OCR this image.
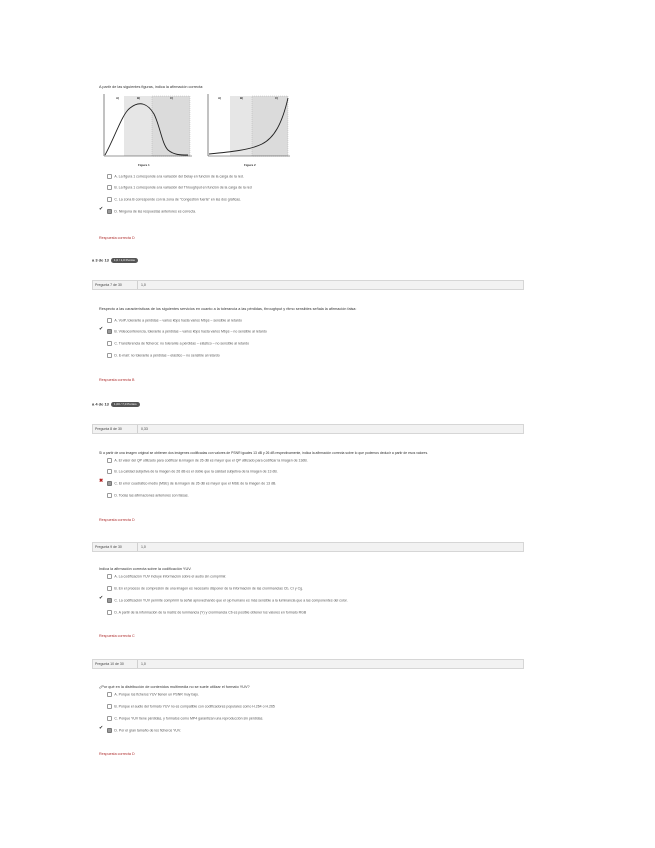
A partir de las siguientes figuras, indica la afirmación correcta:
A)	B)	C)	A)	B)	C)
Figura 1	Figura 2
A. La figura 1 corresponde a la variación del Delay en función de la carga de la red.
B. La figura 1 corresponde a la variación del Throughput en función de la carga de la red
C. La zona B corresponde con la zona de "Congestión fuerte" en las dos gráficas.
✔	D. Ninguna de las respuestas anteriores es correcta.
Respuesta correcta D
a 3 de 13 1,0 / 1,0 Puntos
Pregunta 7 de 30	1,0
Respecto a las características de los siguientes servicios en cuanto a la tolerancia a las pérdidas, throughput y ritmo sensibles señala la afirmación falsa:
A. VoIP, tolerante a pérdidas – varios kbps hasta varios Mbps – sensible al retardo
✔	B. Videoconferencia, tolerante a pérdidas – varios kbps hasta varios Mbps – no sensible al retardo
C. Transferencia de ficheros: no tolerante a pérdidas – elástico – no sensible al retardo
D. E-mail: no tolerante a pérdidas – elástico – no sensible al retardo
Respuesta correcta B
a 4 de 13 1,00 / 7,0 Puntos
Pregunta 8 de 30	0,33
Si a partir de una imagen original se obtienen dos imágenes codificadas con valores de PSNR iguales 13 dB y 26 dB respectivamente, indica la afirmación correcta sobre lo que podemos deducir a partir de esos valores.
A. El valor del QP utilizado para codificar la imagen de 26 dB es mayor que el QP utilizado para codificar la imagen de 13dB.
B. La calidad subjetiva de la imagen de 26 dB es el doble que la calidad subjetiva de la imagen de 13 dB.
✖	C. El error cuadrático medio (MSE) de la imagen de 26 dB es mayor que el MSE de la imagen de 13 dB.
D. Todas las afirmaciones anteriores son falsas.
Respuesta correcta D
Pregunta 9 de 30	1,0
Indica la afirmación correcta sobre la codificación YUV.
A. La codificación YUV incluye información sobre el audio sin comprimir.
B. En el proceso de compresión de una imagen es necesario disponer de la información de las crominancias Cb, Cr y Cg.
✔	C. La codificación YUV permite comprimir la señal aprovechando que el ojo humano es más sensible a la luminancia que a las componentes del color.
D. A partir de la información de la matriz de luminancia (Y) y crominancia Cb es posible obtener los valores en formato RGB
Respuesta correcta C
Pregunta 10 de 30	1,0
¿Por qué en la distribución de contenidos multimedia no se suele utilizar el formato YUV?
A. Porque los ficheros YUV tienen un PSNR muy bajo.
B. Porque el audio del formato YUV no es compatible con codificadores populares como H.264 o H.265
C. Porque YUV tiene pérdidas, y formatos como MP4 garantizan una reproducción sin pérdidas.
✔	D. Por el gran tamaño de los ficheros YUV.
Respuesta correcta D
